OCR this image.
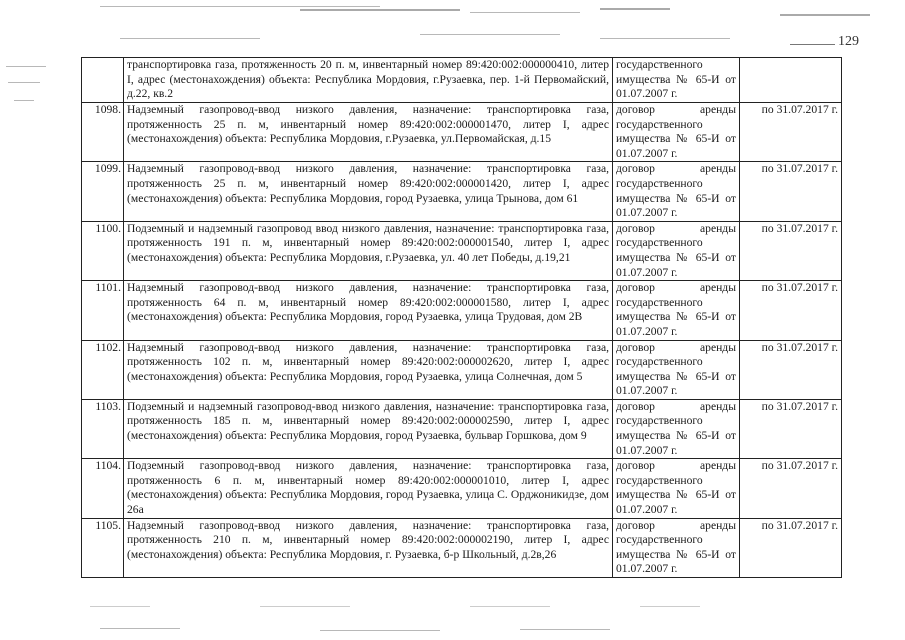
129
	транспортировка газа, протяженность 20 п. м, инвентарный номер 89:420:002:000000410, литер I, адрес (местонахождения) объекта: Республика Мордовия, г.Рузаевка, пер. 1-й Первомайский, д.22, кв.2	государственного имущества № 65-И от 01.07.2007 г.	
1098.	Надземный газопровод-ввод низкого давления, назначение: транспортировка газа, протяженность 25 п. м, инвентарный номер 89:420:002:000001470, литер I, адрес (местонахождения) объекта: Республика Мордовия, г.Рузаевка, ул.Первомайская, д.15	договор аренды государственного имущества № 65-И от 01.07.2007 г.	по 31.07.2017 г.
1099.	Надземный газопровод-ввод низкого давления, назначение: транспортировка газа, протяженность 25 п. м, инвентарный номер 89:420:002:000001420, литер I, адрес (местонахождения) объекта: Республика Мордовия, город Рузаевка, улица Трынова, дом 61	договор аренды государственного имущества № 65-И от 01.07.2007 г.	по 31.07.2017 г.
1100.	Подземный и надземный газопровод ввод низкого давления, назначение: транспортировка газа, протяженность 191 п. м, инвентарный номер 89:420:002:000001540, литер I, адрес (местонахождения) объекта: Республика Мордовия, г.Рузаевка, ул. 40 лет Победы, д.19,21	договор аренды государственного имущества № 65-И от 01.07.2007 г.	по 31.07.2017 г.
1101.	Надземный газопровод-ввод низкого давления, назначение: транспортировка газа, протяженность 64 п. м, инвентарный номер 89:420:002:000001580, литер I, адрес (местонахождения) объекта: Республика Мордовия, город Рузаевка, улица Трудовая, дом 2В	договор аренды государственного имущества № 65-И от 01.07.2007 г.	по 31.07.2017 г.
1102.	Надземный газопровод-ввод низкого давления, назначение: транспортировка газа, протяженность 102 п. м, инвентарный номер 89:420:002:000002620, литер I, адрес (местонахождения) объекта: Республика Мордовия, город Рузаевка, улица Солнечная, дом 5	договор аренды государственного имущества № 65-И от 01.07.2007 г.	по 31.07.2017 г.
1103.	Подземный и надземный газопровод-ввод низкого давления, назначение: транспортировка газа, протяженность 185 п. м, инвентарный номер 89:420:002:000002590, литер I, адрес (местонахождения) объекта: Республика Мордовия, город Рузаевка, бульвар Горшкова, дом 9	договор аренды государственного имущества № 65-И от 01.07.2007 г.	по 31.07.2017 г.
1104.	Подземный газопровод-ввод низкого давления, назначение: транспортировка газа, протяженность 6 п. м, инвентарный номер 89:420:002:000001010, литер I, адрес (местонахождения) объекта: Республика Мордовия, город Рузаевка, улица С. Орджоникидзе, дом 26а	договор аренды государственного имущества № 65-И от 01.07.2007 г.	по 31.07.2017 г.
1105.	Надземный газопровод-ввод низкого давления, назначение: транспортировка газа, протяженность 210 п. м, инвентарный номер 89:420:002:000002190, литер I, адрес (местонахождения) объекта: Республика Мордовия, г. Рузаевка, б-р Школьный, д.2в,26	договор аренды государственного имущества № 65-И от 01.07.2007 г.	по 31.07.2017 г.
